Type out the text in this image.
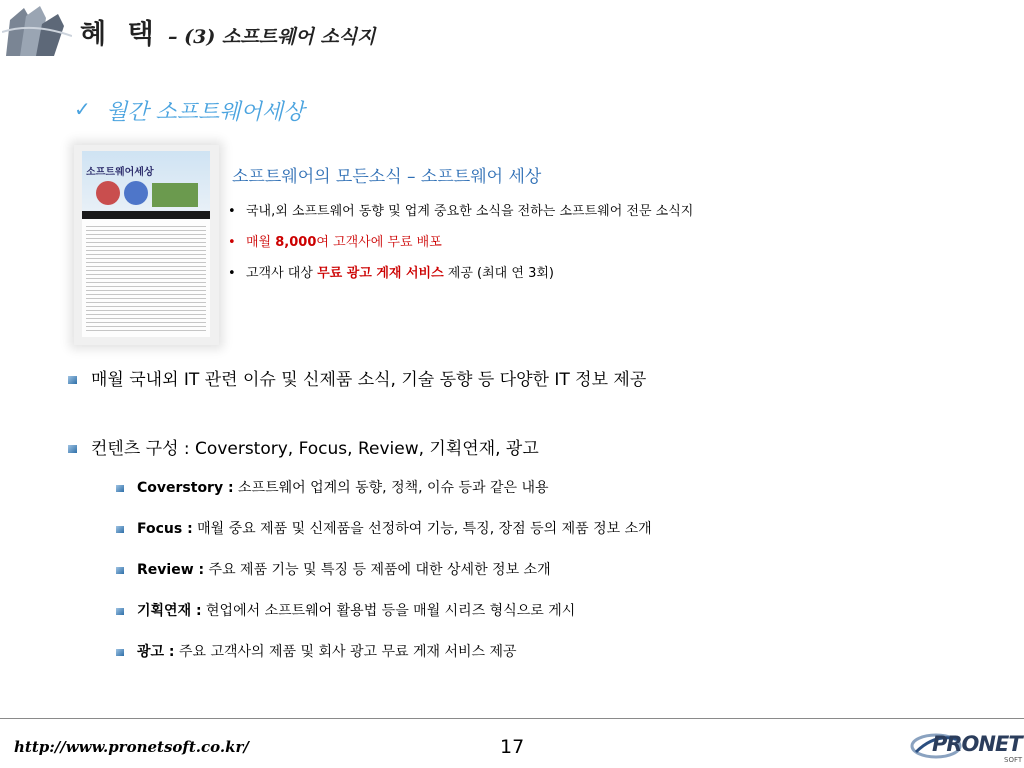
혜 택 – (3) 소프트웨어 소식지
✓ 월간 소프트웨어세상
소프트웨어세상	소프트웨어의 모든소식 – 소프트웨어 세상
• 국내,외 소프트웨어 동향 및 업계 중요한 소식을 전하는 소프트웨어 전문 소식지
• 매월 8,000여 고객사에 무료 배포
• 고객사 대상 무료 광고 게재 서비스 제공 (최대 연 3회)
매월 국내외 IT 관련 이슈 및 신제품 소식, 기술 동향 등 다양한 IT 정보 제공
컨텐츠 구성 : Coverstory, Focus, Review, 기획연재, 광고
Coverstory : 소프트웨어 업계의 동향, 정책, 이슈 등과 같은 내용
Focus : 매월 중요 제품 및 신제품을 선정하여 기능, 특징, 장점 등의 제품 정보 소개
Review : 주요 제품 기능 및 특징 등 제품에 대한 상세한 정보 소개
기획연재 : 현업에서 소프트웨어 활용법 등을 매월 시리즈 형식으로 게시
광고 : 주요 고객사의 제품 및 회사 광고 무료 게재 서비스 제공
http://www.pronetsoft.co.kr/	17	PRONET
SOFT
